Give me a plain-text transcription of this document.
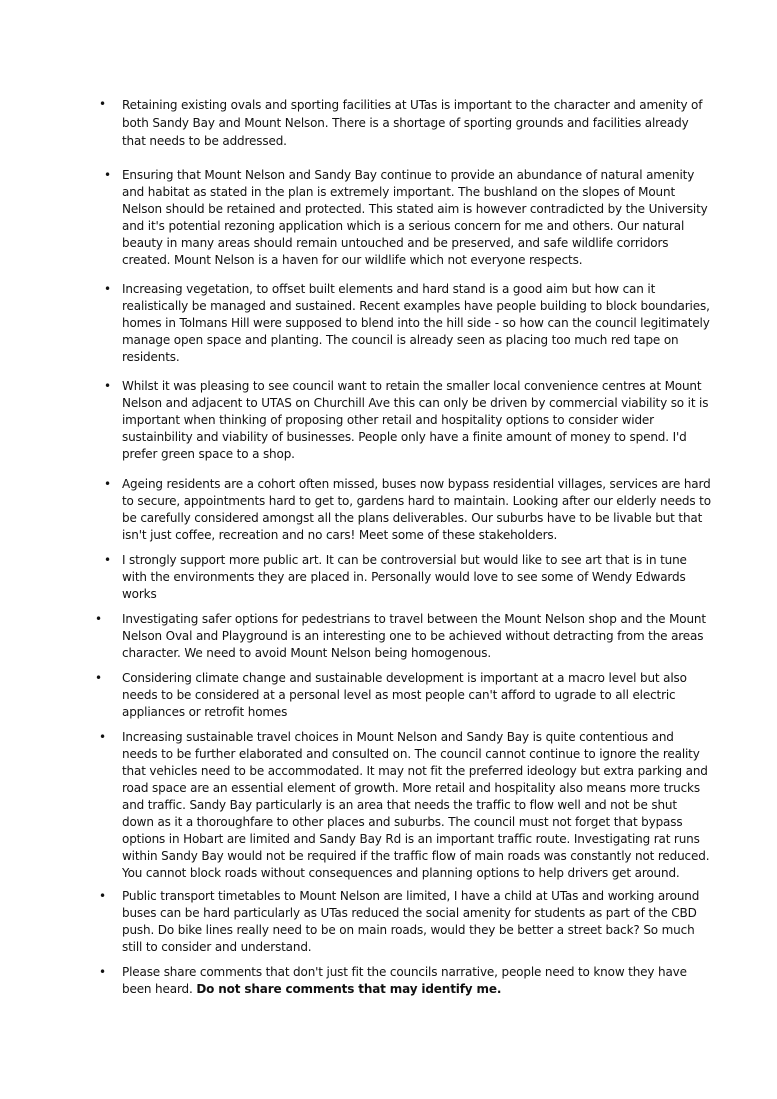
•	Retaining existing ovals and sporting facilities at UTas is important to the character and amenity of both Sandy Bay and Mount Nelson. There is a shortage of sporting grounds and facilities already that needs to be addressed.

• Ensuring that Mount Nelson and Sandy Bay continue to provide an abundance of natural amenity and habitat as stated in the plan is extremely important. The bushland on the slopes of Mount Nelson should be retained and protected. This stated aim is however contradicted by the University and it's potential rezoning application which is a serious concern for me and others. Our natural beauty in many areas should remain untouched and be preserved, and safe wildlife corridors created. Mount Nelson is a haven for our wildlife which not everyone respects.

• Increasing vegetation, to offset built elements and hard stand is a good aim but how can it realistically be managed and sustained. Recent examples have people building to block boundaries, homes in Tolmans Hill were supposed to blend into the hill side - so how can the council legitimately manage open space and planting. The council is already seen as placing too much red tape on residents.

• Whilst it was pleasing to see council want to retain the smaller local convenience centres at Mount Nelson and adjacent to UTAS on Churchill Ave this can only be driven by commercial viability so it is important when thinking of proposing other retail and hospitality options to consider wider sustainbility and viability of businesses. People only have a finite amount of money to spend. I'd prefer green space to a shop.

• Ageing residents are a cohort often missed, buses now bypass residential villages, services are hard to secure, appointments hard to get to, gardens hard to maintain. Looking after our elderly needs to be carefully considered amongst all the plans deliverables. Our suburbs have to be livable but that isn't just coffee, recreation and no cars! Meet some of these stakeholders.

• I strongly support more public art. It can be controversial but would like to see art that is in tune with the environments they are placed in. Personally would love to see some of Wendy Edwards works

•	Investigating safer options for pedestrians to travel between the Mount Nelson shop and the Mount Nelson Oval and Playground is an interesting one to be achieved without detracting from the areas character. We need to avoid Mount Nelson being homogenous.

•	Considering climate change and sustainable development is important at a macro level but also needs to be considered at a personal level as most people can't afford to ugrade to all electric appliances or retrofit homes

•	Increasing sustainable travel choices in Mount Nelson and Sandy Bay is quite contentious and needs to be further elaborated and consulted on. The council cannot continue to ignore the reality that vehicles need to be accommodated. It may not fit the preferred ideology but extra parking and road space are an essential element of growth. More retail and hospitality also means more trucks and traffic. Sandy Bay particularly is an area that needs the traffic to flow well and not be shut down as it a thoroughfare to other places and suburbs. The council must not forget that bypass options in Hobart are limited and Sandy Bay Rd is an important traffic route. Investigating rat runs within Sandy Bay would not be required if the traffic flow of main roads was constantly not reduced. You cannot block roads without consequences and planning options to help drivers get around.

•	Public transport timetables to Mount Nelson are limited, I have a child at UTas and working around buses can be hard particularly as UTas reduced the social amenity for students as part of the CBD push. Do bike lines really need to be on main roads, would they be better a street back? So much still to consider and understand.

•	Please share comments that don't just fit the councils narrative, people need to know they have been heard. Do not share comments that may identify me.
